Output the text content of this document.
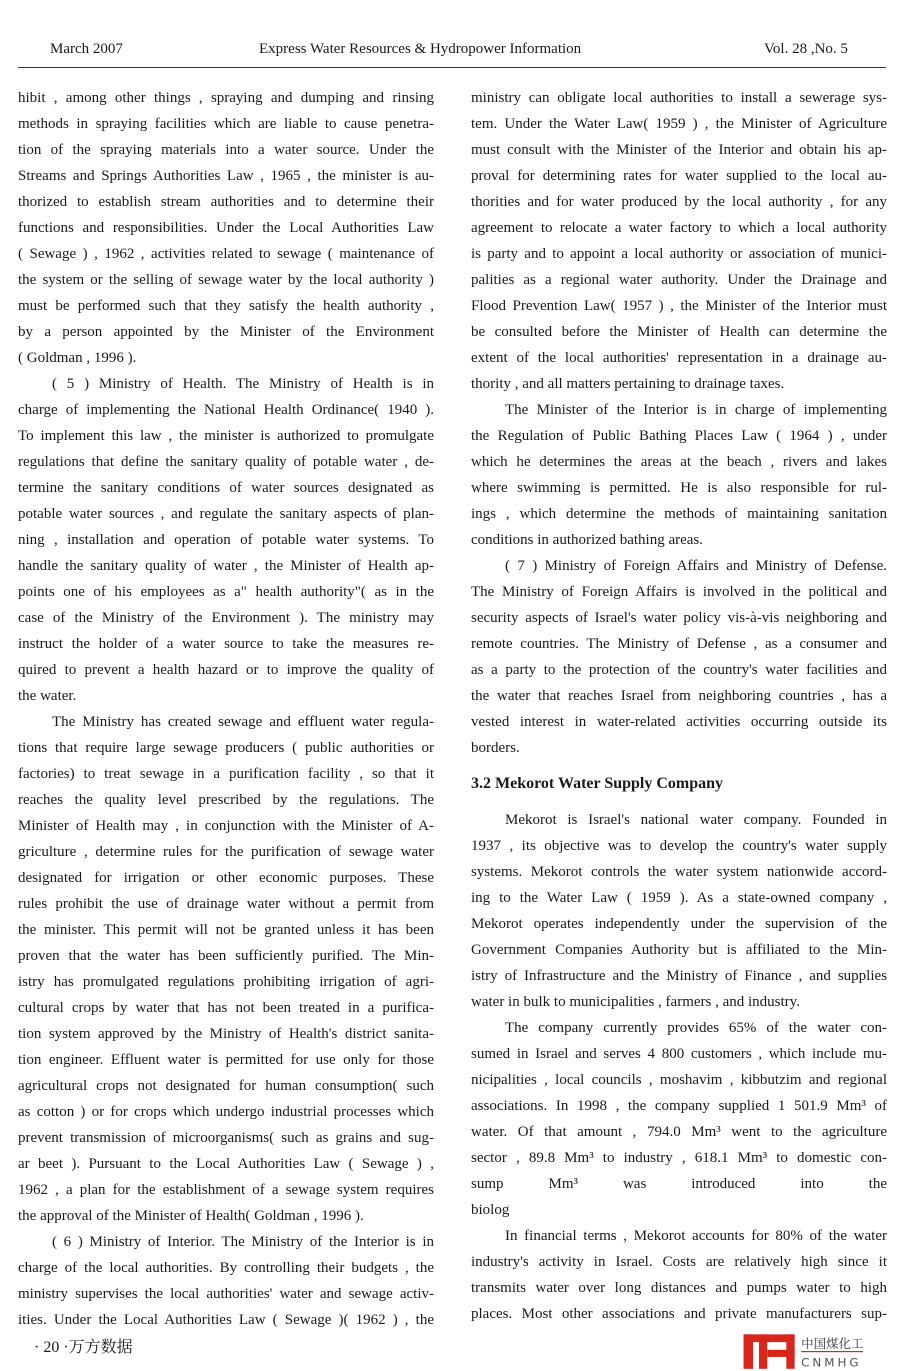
March 2007	Express Water Resources & Hydropower Information	Vol. 28 ,No. 5
hibit , among other things , spraying and dumping and rinsing
methods in spraying facilities which are liable to cause penetra-
tion of the spraying materials into a water source. Under the
Streams and Springs Authorities Law , 1965 , the minister is au-
thorized to establish stream authorities and to determine their
functions and responsibilities. Under the Local Authorities Law
( Sewage ) , 1962 , activities related to sewage ( maintenance of
the system or the selling of sewage water by the local authority )
must be performed such that they satisfy the health authority ,
by a person appointed by the Minister of the Environment
( Goldman , 1996 ).
( 5 ) Ministry of Health. The Ministry of Health is in
charge of implementing the National Health Ordinance( 1940 ).
To implement this law , the minister is authorized to promulgate
regulations that define the sanitary quality of potable water , de-
termine the sanitary conditions of water sources designated as
potable water sources , and regulate the sanitary aspects of plan-
ning , installation and operation of potable water systems. To
handle the sanitary quality of water , the Minister of Health ap-
points one of his employees as a" health authority"( as in the
case of the Ministry of the Environment ). The ministry may
instruct the holder of a water source to take the measures re-
quired to prevent a health hazard or to improve the quality of
the water.
The Ministry has created sewage and effluent water regula-
tions that require large sewage producers ( public authorities or
factories) to treat sewage in a purification facility , so that it
reaches the quality level prescribed by the regulations. The
Minister of Health may , in conjunction with the Minister of A-
griculture , determine rules for the purification of sewage water
designated for irrigation or other economic purposes. These
rules prohibit the use of drainage water without a permit from
the minister. This permit will not be granted unless it has been
proven that the water has been sufficiently purified. The Min-
istry has promulgated regulations prohibiting irrigation of agri-
cultural crops by water that has not been treated in a purifica-
tion system approved by the Ministry of Health's district sanita-
tion engineer. Effluent water is permitted for use only for those
agricultural crops not designated for human consumption( such
as cotton ) or for crops which undergo industrial processes which
prevent transmission of microorganisms( such as grains and sug-
ar beet ). Pursuant to the Local Authorities Law ( Sewage ) ,
1962 , a plan for the establishment of a sewage system requires
the approval of the Minister of Health( Goldman , 1996 ).
( 6 ) Ministry of Interior. The Ministry of the Interior is in
charge of the local authorities. By controlling their budgets , the
ministry supervises the local authorities' water and sewage activ-
ities. Under the Local Authorities Law ( Sewage )( 1962 ) , the
ministry can obligate local authorities to install a sewerage sys-
tem. Under the Water Law( 1959 ) , the Minister of Agriculture
must consult with the Minister of the Interior and obtain his ap-
proval for determining rates for water supplied to the local au-
thorities and for water produced by the local authority , for any
agreement to relocate a water factory to which a local authority
is party and to appoint a local authority or association of munici-
palities as a regional water authority. Under the Drainage and
Flood Prevention Law( 1957 ) , the Minister of the Interior must
be consulted before the Minister of Health can determine the
extent of the local authorities' representation in a drainage au-
thority , and all matters pertaining to drainage taxes.
The Minister of the Interior is in charge of implementing
the Regulation of Public Bathing Places Law ( 1964 ) , under
which he determines the areas at the beach , rivers and lakes
where swimming is permitted. He is also responsible for rul-
ings , which determine the methods of maintaining sanitation
conditions in authorized bathing areas.
( 7 ) Ministry of Foreign Affairs and Ministry of Defense.
The Ministry of Foreign Affairs is involved in the political and
security aspects of Israel's water policy vis-à-vis neighboring and
remote countries. The Ministry of Defense , as a consumer and
as a party to the protection of the country's water facilities and
the water that reaches Israel from neighboring countries , has a
vested interest in water-related activities occurring outside its
borders.
3.2 Mekorot Water Supply Company
Mekorot is Israel's national water company. Founded in
1937 , its objective was to develop the country's water supply
systems. Mekorot controls the water system nationwide accord-
ing to the Water Law ( 1959 ). As a state-owned company ,
Mekorot operates independently under the supervision of the
Government Companies Authority but is affiliated to the Min-
istry of Infrastructure and the Ministry of Finance , and supplies
water in bulk to municipalities , farmers , and industry.
The company currently provides 65% of the water con-
sumed in Israel and serves 4 800 customers , which include mu-
nicipalities , local councils , moshavim , kibbutzim and regional
associations. In 1998 , the company supplied 1 501.9 Mm³ of
water. Of that amount , 794.0 Mm³ went to the agriculture
sector , 89.8 Mm³ to industry , 618.1 Mm³ to domestic con-
sump Mm³ was introduced into the
biolog
In financial terms , Mekorot accounts for 80% of the water
industry's activity in Israel. Costs are relatively high since it
transmits water over long distances and pumps water to high
places. Most other associations and private manufacturers sup-
· 20 ·万方数据	中国煤化工
CNMHG
